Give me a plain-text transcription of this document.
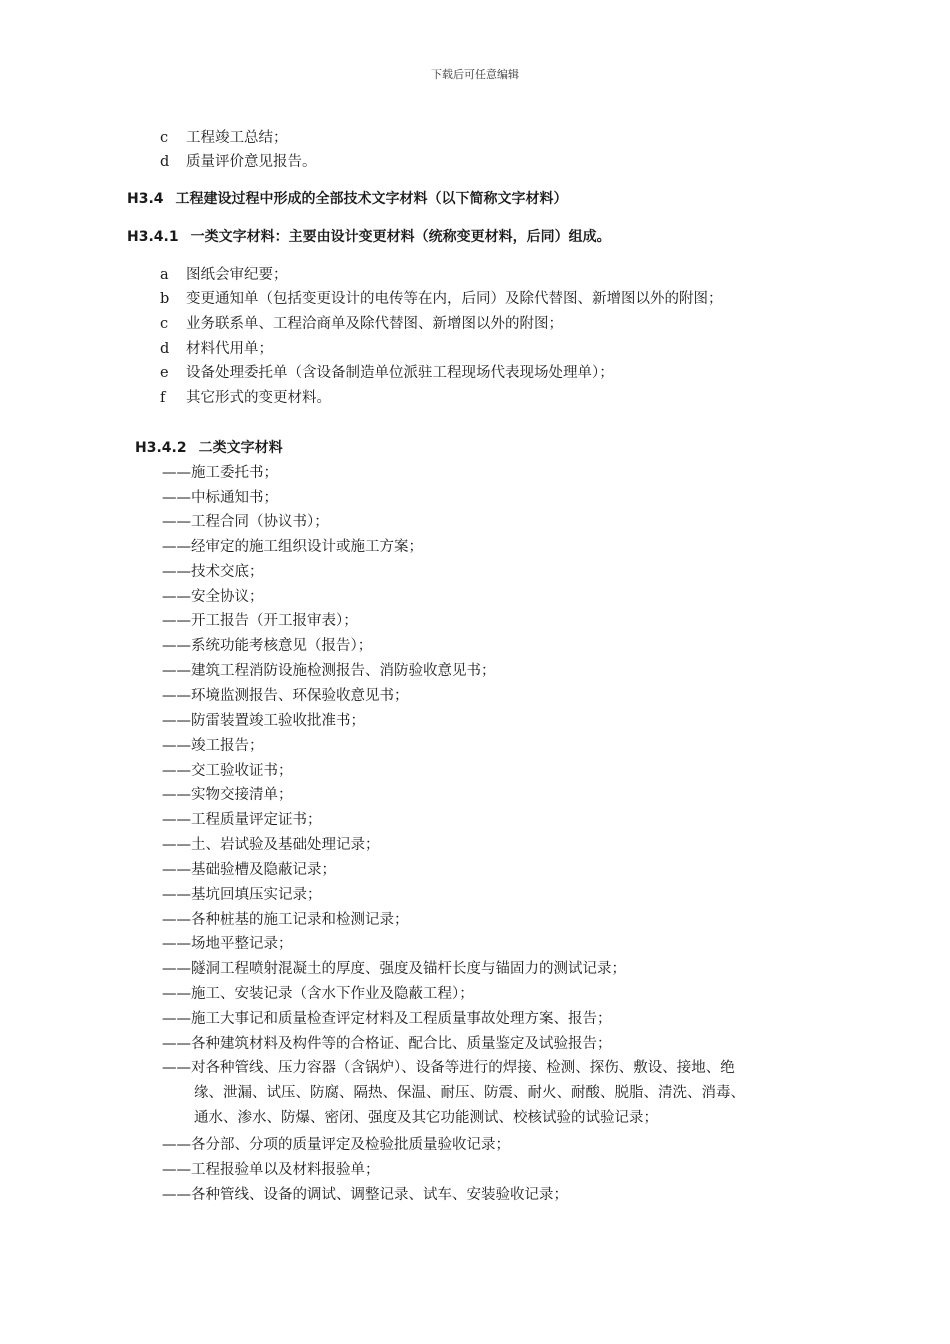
下载后可任意编辑
c 工程竣工总结；
d 质量评价意见报告。
H3.4 工程建设过程中形成的全部技术文字材料（以下简称文字材料）
H3.4.1 一类文字材料：主要由设计变更材料（统称变更材料，后同）组成。
a 图纸会审纪要；
b 变更通知单（包括变更设计的电传等在内，后同）及除代替图、新增图以外的附图；
c 业务联系单、工程洽商单及除代替图、新增图以外的附图；
d 材料代用单；
e 设备处理委托单（含设备制造单位派驻工程现场代表现场处理单）；
f 其它形式的变更材料。
H3.4.2 二类文字材料
——施工委托书；
——中标通知书；
——工程合同（协议书）；
——经审定的施工组织设计或施工方案；
——技术交底；
——安全协议；
——开工报告（开工报审表）；
——系统功能考核意见（报告）；
——建筑工程消防设施检测报告、消防验收意见书；
——环境监测报告、环保验收意见书；
——防雷装置竣工验收批准书；
——竣工报告；
——交工验收证书；
——实物交接清单；
——工程质量评定证书；
——土、岩试验及基础处理记录；
——基础验槽及隐蔽记录；
——基坑回填压实记录；
——各种桩基的施工记录和检测记录；
——场地平整记录；
——隧洞工程喷射混凝土的厚度、强度及锚杆长度与锚固力的测试记录；
——施工、安装记录（含水下作业及隐蔽工程）；
——施工大事记和质量检查评定材料及工程质量事故处理方案、报告；
——各种建筑材料及构件等的合格证、配合比、质量鉴定及试验报告；
——对各种管线、压力容器（含锅炉）、设备等进行的焊接、检测、探伤、敷设、接地、绝
缘、泄漏、试压、防腐、隔热、保温、耐压、防震、耐火、耐酸、脱脂、清洗、消毒、
通水、渗水、防爆、密闭、强度及其它功能测试、校核试验的试验记录；
——各分部、分项的质量评定及检验批质量验收记录；
——工程报验单以及材料报验单；
——各种管线、设备的调试、调整记录、试车、安装验收记录；
